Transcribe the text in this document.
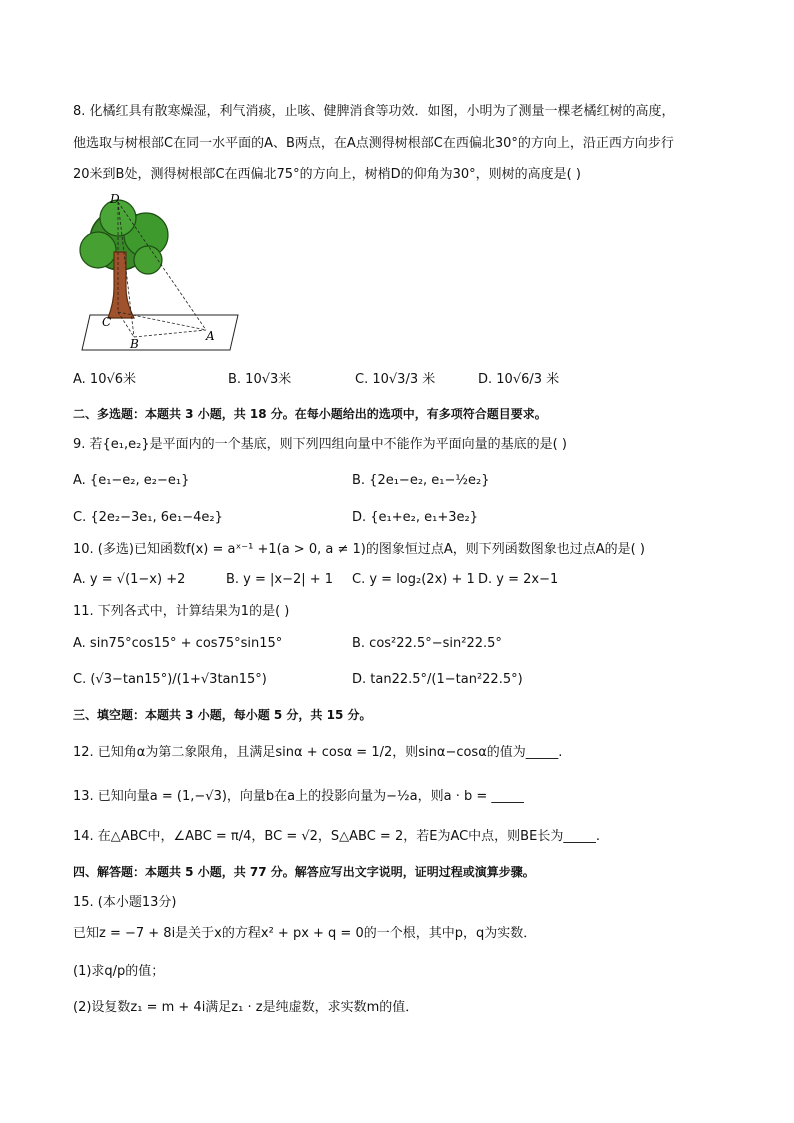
8. 化橘红具有散寒燥湿，利气消痰，止咳、健脾消食等功效．如图，小明为了测量一棵老橘红树的高度，
他选取与树根部C在同一水平面的A、B两点，在A点测得树根部C在西偏北30°的方向上，沿正西方向步行
20米到B处，测得树根部C在西偏北75°的方向上，树梢D的仰角为30°，则树的高度是( )
D
C
B
A
A. 10√6米	B. 10√3米	C. 10√3/3 米	D. 10√6/3 米
二、多选题：本题共 3 小题，共 18 分。在每小题给出的选项中，有多项符合题目要求。
9. 若{e₁,e₂}是平面内的一个基底，则下列四组向量中不能作为平面向量的基底的是( )
A. {e₁−e₂, e₂−e₁}	B. {2e₁−e₂, e₁−½e₂}
C. {2e₂−3e₁, 6e₁−4e₂}	D. {e₁+e₂, e₁+3e₂}
10. (多选)已知函数f(x) = aˣ⁻¹ +1(a > 0, a ≠ 1)的图象恒过点A，则下列函数图象也过点A的是( )
A. y = √(1−x) +2	B. y = |x−2| + 1 C. y = log₂(2x) + 1 D. y = 2x−1
11. 下列各式中，计算结果为1的是( )
A. sin75°cos15° + cos75°sin15°	B. cos²22.5°−sin²22.5°
C. (√3−tan15°)/(1+√3tan15°)	D. tan22.5°/(1−tan²22.5°)
三、填空题：本题共 3 小题，每小题 5 分，共 15 分。
12. 已知角α为第二象限角，且满足sinα + cosα = 1/2，则sinα−cosα的值为_____.
13. 已知向量a = (1,−√3)，向量b在a上的投影向量为−½a，则a · b = _____
14. 在△ABC中，∠ABC = π/4，BC = √2，S△ABC = 2，若E为AC中点，则BE长为_____.
四、解答题：本题共 5 小题，共 77 分。解答应写出文字说明，证明过程或演算步骤。
15. (本小题13分)
已知z = −7 + 8i是关于x的方程x² + px + q = 0的一个根，其中p，q为实数．
(1)求q/p的值；
(2)设复数z₁ = m + 4i满足z₁ · z是纯虚数，求实数m的值．
